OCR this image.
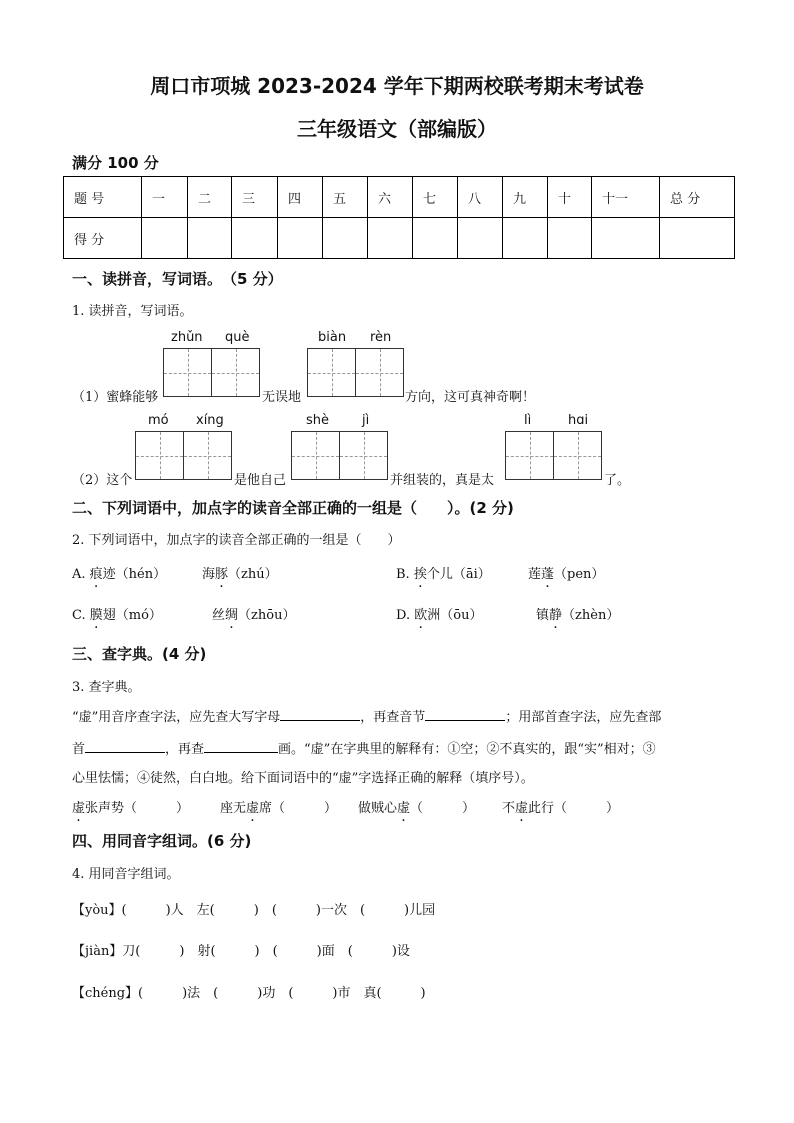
周口市项城 2023-2024 学年下期两校联考期末考试卷
三年级语文（部编版）
满分 100 分
题 号	一	二	三	四	五	六	七	八	九	十	十一	总 分
得 分												
一、读拼音，写词语。　（5 分）
1. 读拼音，写词语。
zhǔn què	biàn rèn
（1）蜜蜂能够	无误地	方向，这可真神奇啊！
mó xíng	shè	jì	lì	hɑi
（2）这个	是他自己	并组装的，真是太	了。
二、下列词语中，加点字的读音全部正确的一组是（　　）。(2 分)
2. 下列词语中，加点字的读音全部正确的一组是（　　）
A. 痕迹（hén）	海豚（zhú）	B. 挨个儿（āi）	莲蓬（pen）
C. 膜翅（mó）	丝绸（zhōu）	D. 欧洲（ōu）	镇静（zhèn）
三、查字典。(4 分)
3. 查字典。
“虚”用音序查字法，应先查大写字母	，再查音节	；用部首查字法，应先查部
首	，再查	画。“虚”在字典里的解释有：①空；②不真实的，跟“实”相对；③
心里怯懦；④徒然，白白地。给下面词语中的“虚”字选择正确的解释（填序号）。
虚张声势（　　　） 座无虚席（　　　） 做贼心虚（　　　） 不虚此行（　　　）
四、用同音字组词。(6 分)
4. 用同音字组词。
【yòu】(　　　)人　左(　　　)　(　　　)一次　(　　　)儿园
【jiàn】刀(　　　)　射(　　　)　(　　　)面　(　　　)设
【chéng】(　　　)法　(　　　)功　(　　　)市　真(　　　)
